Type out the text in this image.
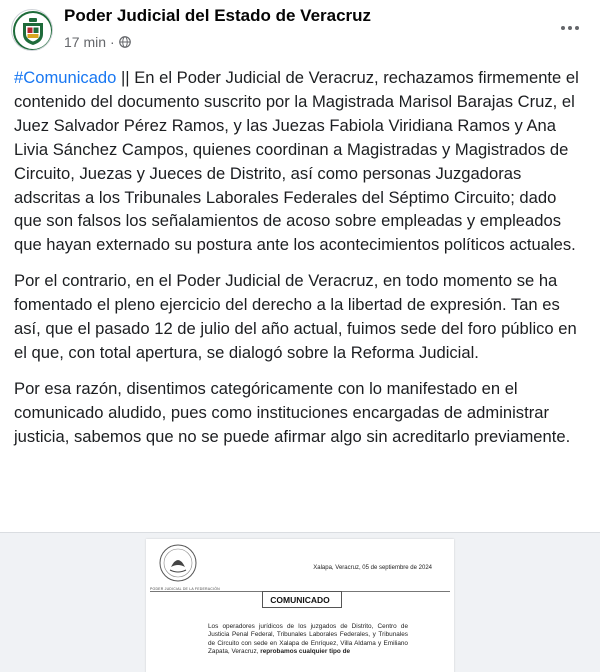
Poder Judicial del Estado de Veracruz
17 min ·

#Comunicado || En el Poder Judicial de Veracruz, rechazamos firmemente el contenido del documento suscrito por la Magistrada Marisol Barajas Cruz, el Juez Salvador Pérez Ramos, y las Juezas Fabiola Viridiana Ramos y Ana Livia Sánchez Campos, quienes coordinan a Magistradas y Magistrados de Circuito, Juezas y Jueces de Distrito, así como personas Juzgadoras adscritas a los Tribunales Laborales Federales del Séptimo Circuito; dado que son falsos los señalamientos de acoso sobre empleadas y empleados que hayan externado su postura ante los acontecimientos políticos actuales.

Por el contrario, en el Poder Judicial de Veracruz, en todo momento se ha fomentado el pleno ejercicio del derecho a la libertad de expresión. Tan es así, que el pasado 12 de julio del año actual, fuimos sede del foro público en el que, con total apertura, se dialogó sobre la Reforma Judicial.

Por esa razón, disentimos categóricamente con lo manifestado en el comunicado aludido, pues como instituciones encargadas de administrar justicia, sabemos que no se puede afirmar algo sin acreditarlo previamente.

PODER JUDICIAL DE LA FEDERACIÓN
Xalapa, Veracruz, 05 de septiembre de 2024
COMUNICADO
Los operadores jurídicos de los juzgados de Distrito, Centro de Justicia Penal Federal, Tribunales Laborales Federales, y Tribunales de Circuito con sede en Xalapa de Enríquez, Villa Aldama y Emiliano Zapata, Veracruz, reprobamos cualquier tipo de
